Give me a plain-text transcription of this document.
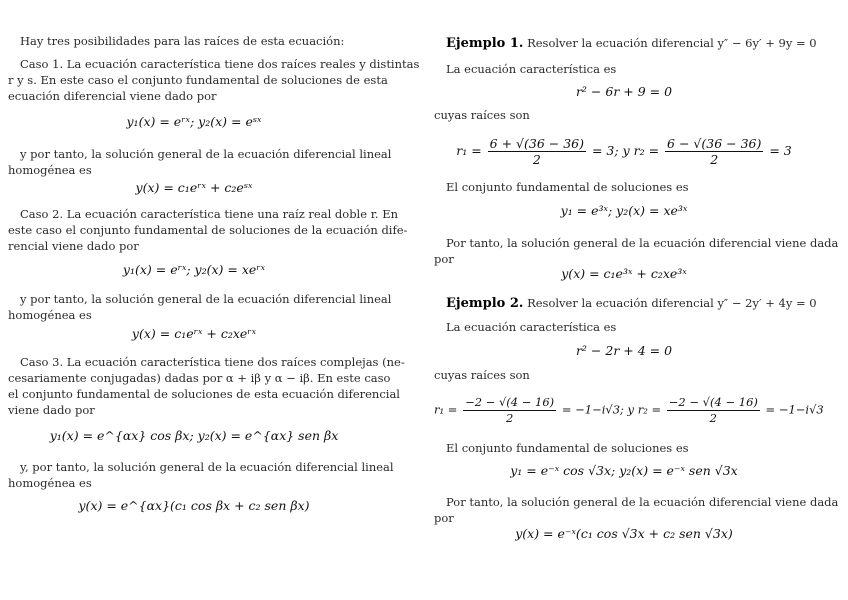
Hay tres posibilidades para las raíces de esta ecuación:
Caso 1. La ecuación característica tiene dos raíces reales y distintas
r y s. En este caso el conjunto fundamental de soluciones de esta
ecuación diferencial viene dado por
y₁(x) = eʳˣ; y₂(x) = eˢˣ
y por tanto, la solución general de la ecuación diferencial lineal
homogénea es
y(x) = c₁eʳˣ + c₂eˢˣ
Caso 2. La ecuación característica tiene una raíz real doble r. En
este caso el conjunto fundamental de soluciones de la ecuación dife-
rencial viene dado por
y₁(x) = eʳˣ; y₂(x) = xeʳˣ
y por tanto, la solución general de la ecuación diferencial lineal
homogénea es
y(x) = c₁eʳˣ + c₂xeʳˣ
Caso 3. La ecuación característica tiene dos raíces complejas (ne-
cesariamente conjugadas) dadas por α + iβ y α − iβ. En este caso
el conjunto fundamental de soluciones de esta ecuación diferencial
viene dado por
y₁(x) = e^{αx} cos βx; y₂(x) = e^{αx} sen βx
y, por tanto, la solución general de la ecuación diferencial lineal
homogénea es
y(x) = e^{αx}(c₁ cos βx + c₂ sen βx)
Ejemplo 1. Resolver la ecuación diferencial y″ − 6y′ + 9y = 0
La ecuación característica es
r² − 6r + 9 = 0
cuyas raíces son
$r_1 = \frac{6 + √(36 - 36)}{2} = 3$; y $r_2 = \frac{6 - √(36 - 36)}{2} = 3$
El conjunto fundamental de soluciones es
y₁ = e³ˣ; y₂(x) = xe³ˣ
Por tanto, la solución general de la ecuación diferencial viene dada
por
y(x) = c₁e³ˣ + c₂xe³ˣ
Ejemplo 2. Resolver la ecuación diferencial y″ − 2y′ + 4y = 0
La ecuación característica es
r² − 2r + 4 = 0
cuyas raíces son
$r_1 = \frac{-2 - √(4 - 16)}{2} = -1-i√3$; y $r_2 = \frac{-2 - √(4 - 16)}{2} = -1-i√3$
El conjunto fundamental de soluciones es
y₁ = e⁻ˣ cos √3x; y₂(x) = e⁻ˣ sen √3x
Por tanto, la solución general de la ecuación diferencial viene dada
por
y(x) = e⁻ˣ(c₁ cos √3x + c₂ sen √3x)
